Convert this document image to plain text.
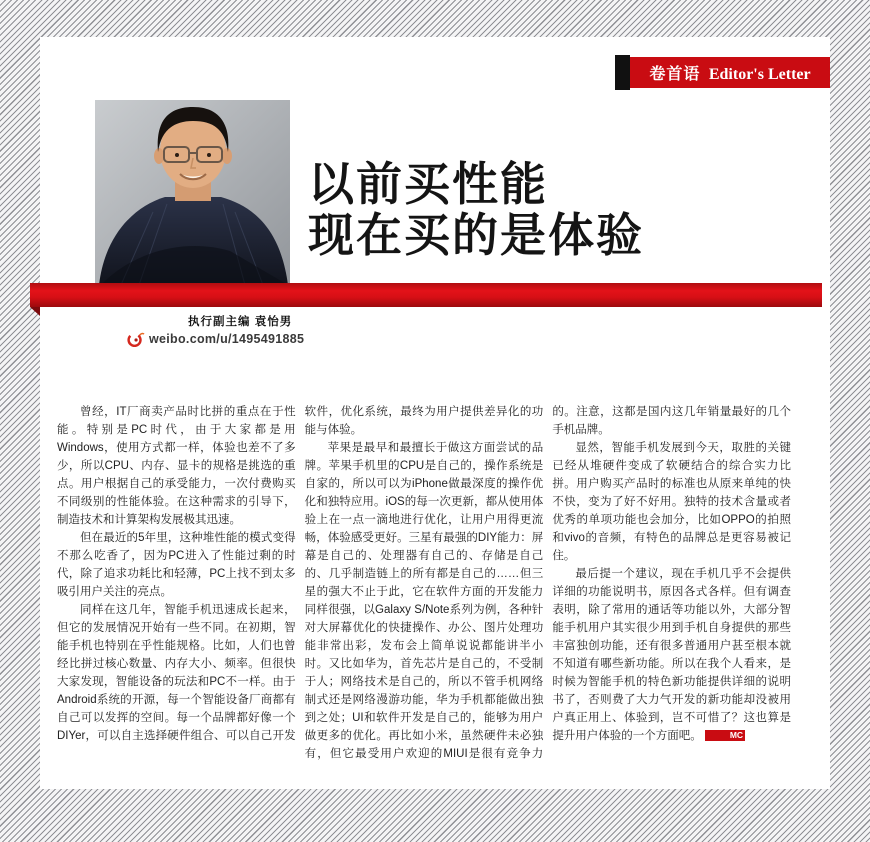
卷首语 Editor's Letter
以前买性能
现在买的是体验
执行副主编 袁怡男
weibo.com/u/1495491885

曾经，IT厂商卖产品时比拼的重点在于性能。特别是PC时代，由于大家都是用Windows，使用方式都一样，体验也差不了多少，所以CPU、内存、显卡的规格是挑选的重点。用户根据自己的承受能力，一次付费购买不同级别的性能体验。在这种需求的引导下，制造技术和计算架构发展极其迅速。

但在最近的5年里，这种堆性能的模式变得不那么吃香了，因为PC进入了性能过剩的时代，除了追求功耗比和轻薄，PC上找不到太多吸引用户关注的亮点。

同样在这几年，智能手机迅速成长起来，但它的发展情况开始有一些不同。在初期，智能手机也特别在乎性能规格。比如，人们也曾经比拼过核心数量、内存大小、频率。但很快大家发现，智能设备的玩法和PC不一样。由于Android系统的开源，每一个智能设备厂商都有自己可以发挥的空间。每一个品牌都好像一个DIYer，可以自主选择硬件组合、可以自己开发软件，优化系统，最终为用户提供差异化的功能与体验。

苹果是最早和最擅长于做这方面尝试的品牌。苹果手机里的CPU是自己的，操作系统是自家的，所以可以为iPhone做最深度的操作优化和独特应用。iOS的每一次更新，都从使用体验上在一点一滴地进行优化，让用户用得更流畅，体验感受更好。三星有最强的DIY能力：屏幕是自己的、处理器有自己的、存储是自己的、几乎制造链上的所有都是自己的……但三星的强大不止于此，它在软件方面的开发能力同样很强，以Galaxy S/Note系列为例，各种针对大屏幕优化的快捷操作、办公、图片处理功能非常出彩，发布会上简单说说都能讲半小时。又比如华为，首先芯片是自己的，不受制于人；网络技术是自己的，所以不管手机网络制式还是网络漫游功能，华为手机都能做出独到之处；UI和软件开发是自己的，能够为用户做更多的优化。再比如小米，虽然硬件未必独有，但它最受用户欢迎的MIUI是很有竞争力的。注意，这都是国内这几年销量最好的几个手机品牌。

显然，智能手机发展到今天，取胜的关键已经从堆硬件变成了软硬结合的综合实力比拼。用户购买产品时的标准也从原来单纯的快不快，变为了好不好用。独特的技术含量或者优秀的单项功能也会加分，比如OPPO的拍照和vivo的音频，有特色的品牌总是更容易被记住。

最后提一个建议，现在手机几乎不会提供详细的功能说明书，原因各式各样。但有调查表明，除了常用的通话等功能以外，大部分智能手机用户其实很少用到手机自身提供的那些丰富独创功能，还有很多普通用户甚至根本就不知道有哪些新功能。所以在我个人看来，是时候为智能手机的特色新功能提供详细的说明书了，否则费了大力气开发的新功能却没被用户真正用上、体验到，岂不可惜了？这也算是提升用户体验的一个方面吧。	MC
